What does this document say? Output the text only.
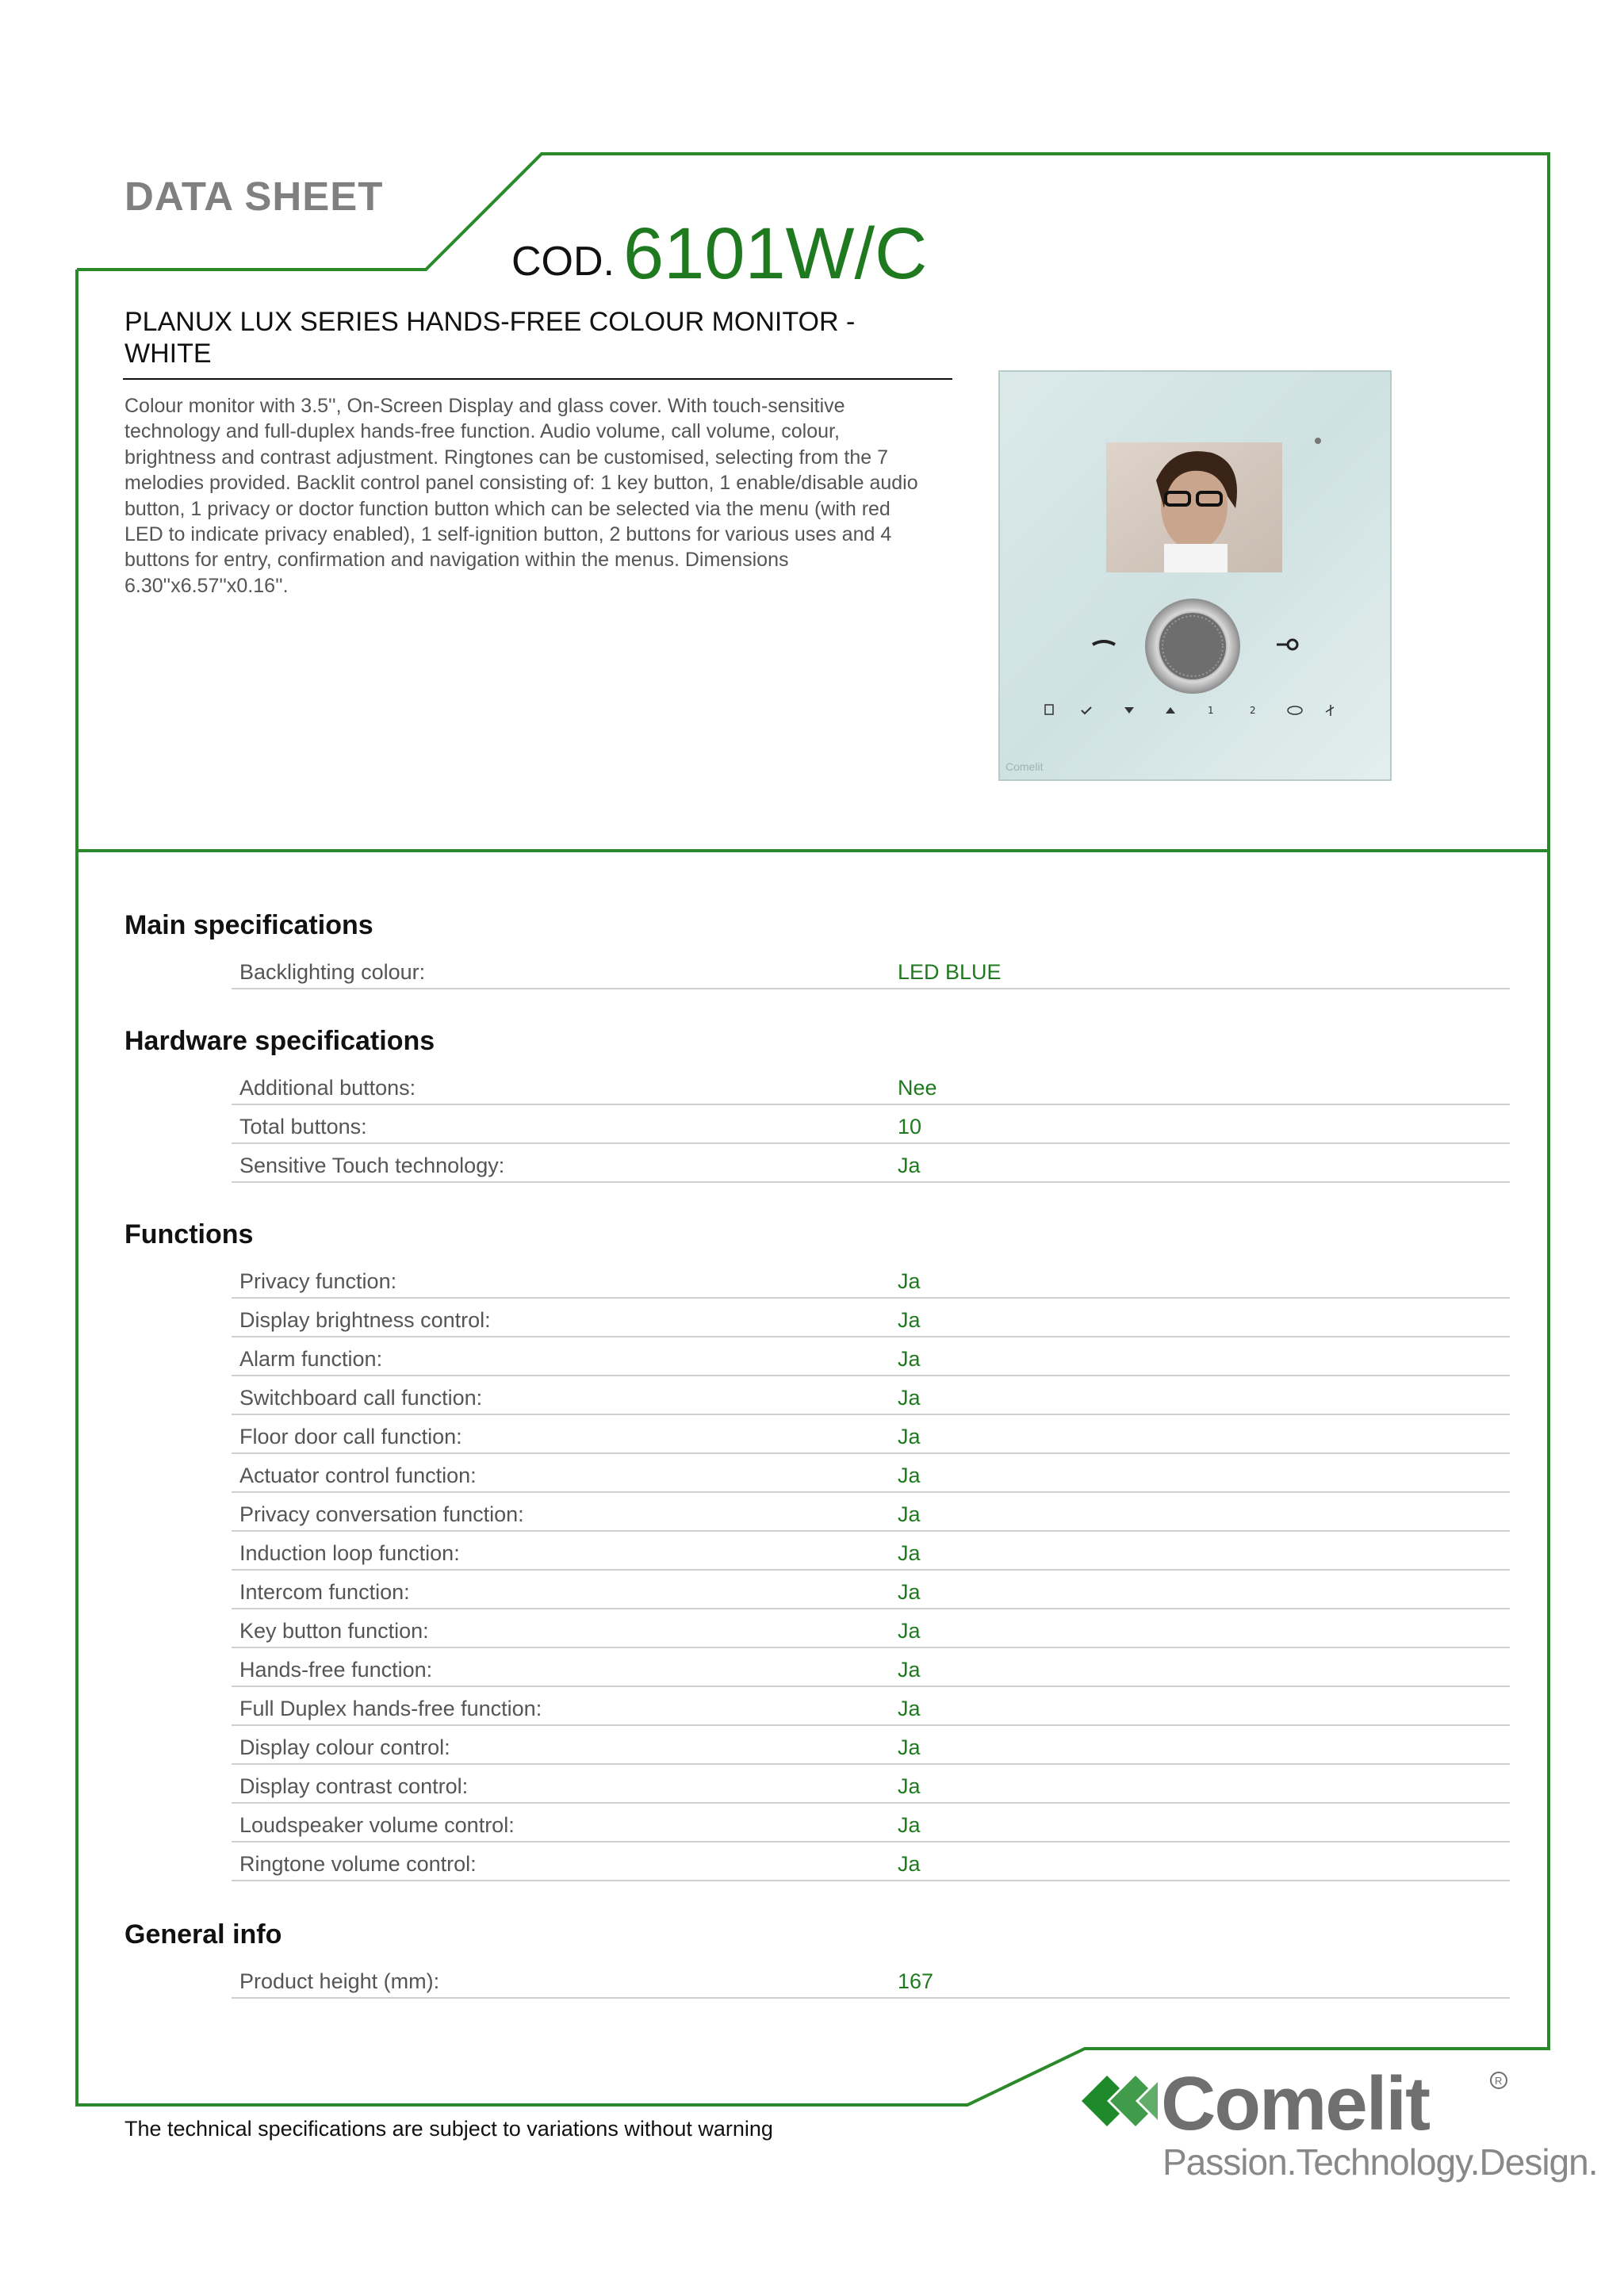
DATA SHEET
COD. 6101W/C
PLANUX LUX SERIES HANDS-FREE COLOUR MONITOR - WHITE
Colour monitor with 3.5'', On-Screen Display and glass cover. With touch-sensitive technology and full-duplex hands-free function. Audio volume, call volume, colour, brightness and contrast adjustment. Ringtones can be customised, selecting from the 7 melodies provided. Backlit control panel consisting of: 1 key button, 1 enable/disable audio button, 1 privacy or doctor function button which can be selected via the menu (with red LED to indicate privacy enabled), 1 self-ignition button, 2 buttons for various uses and 4 buttons for entry, confirmation and navigation within the menus. Dimensions 6.30''x6.57''x0.16''.
1	2
Comelit
Main specifications
Backlighting colour:	LED BLUE
Hardware specifications
Additional buttons:	Nee
Total buttons:	10
Sensitive Touch technology:	Ja
Functions
Privacy function:	Ja
Display brightness control:	Ja
Alarm function:	Ja
Switchboard call function:	Ja
Floor door call function:	Ja
Actuator control function:	Ja
Privacy conversation function:	Ja
Induction loop function:	Ja
Intercom function:	Ja
Key button function:	Ja
Hands-free function:	Ja
Full Duplex hands-free function:	Ja
Display colour control:	Ja
Display contrast control:	Ja
Loudspeaker volume control:	Ja
Ringtone volume control:	Ja
General info
Product height (mm):	167
The technical specifications are subject to variations without warning	Comelit	R
Passion.Technology.Design.
